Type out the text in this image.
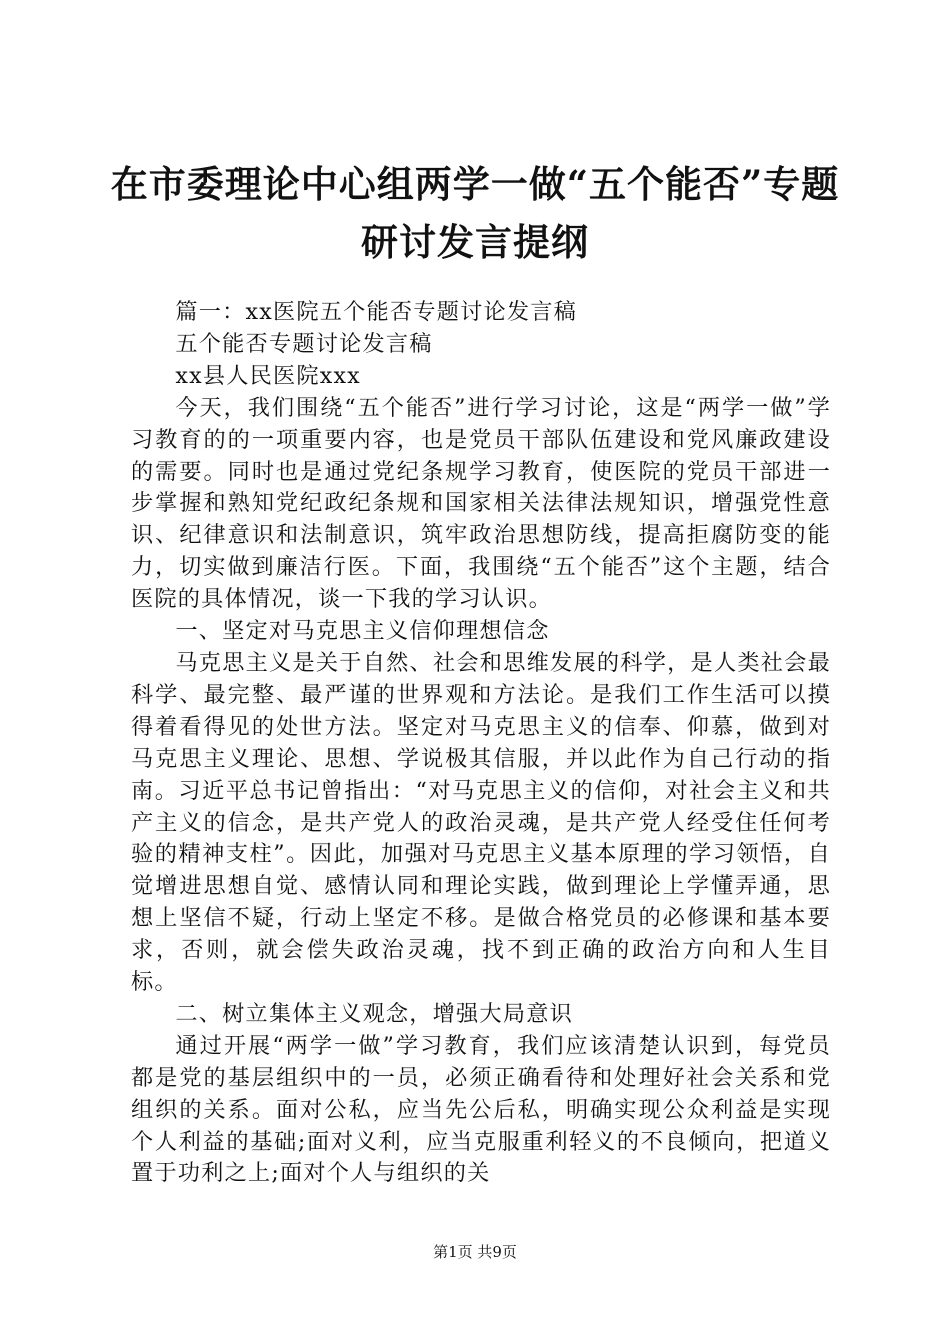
在市委理论中心组两学一做“五个能否”专题
研讨发言提纲

篇一：xx医院五个能否专题讨论发言稿

五个能否专题讨论发言稿

xx县人民医院xxx

今天，我们围绕“五个能否”进行学习讨论，这是“两学一做”学习教育的的一项重要内容，也是党员干部队伍建设和党风廉政建设的需要。同时也是通过党纪条规学习教育，使医院的党员干部进一步掌握和熟知党纪政纪条规和国家相关法律法规知识，增强党性意识、纪律意识和法制意识，筑牢政治思想防线，提高拒腐防变的能力，切实做到廉洁行医。下面，我围绕“五个能否”这个主题，结合医院的具体情况，谈一下我的学习认识。

一、坚定对马克思主义信仰理想信念

马克思主义是关于自然、社会和思维发展的科学，是人类社会最科学、最完整、最严谨的世界观和方法论。是我们工作生活可以摸得着看得见的处世方法。坚定对马克思主义的信奉、仰慕，做到对马克思主义理论、思想、学说极其信服，并以此作为自己行动的指南。习近平总书记曾指出：“对马克思主义的信仰，对社会主义和共产主义的信念，是共产党人的政治灵魂，是共产党人经受住任何考验的精神支柱”。因此，加强对马克思主义基本原理的学习领悟，自觉增进思想自觉、感情认同和理论实践，做到理论上学懂弄通，思想上坚信不疑，行动上坚定不移。是做合格党员的必修课和基本要求，否则，就会偿失政治灵魂，找不到正确的政治方向和人生目标。

二、树立集体主义观念，增强大局意识

通过开展“两学一做”学习教育，我们应该清楚认识到，每党员都是党的基层组织中的一员，必须正确看待和处理好社会关系和党组织的关系。面对公私，应当先公后私，明确实现公众利益是实现个人利益的基础;面对义利，应当克服重利轻义的不良倾向，把道义置于功利之上;面对个人与组织的关

第1页 共9页
